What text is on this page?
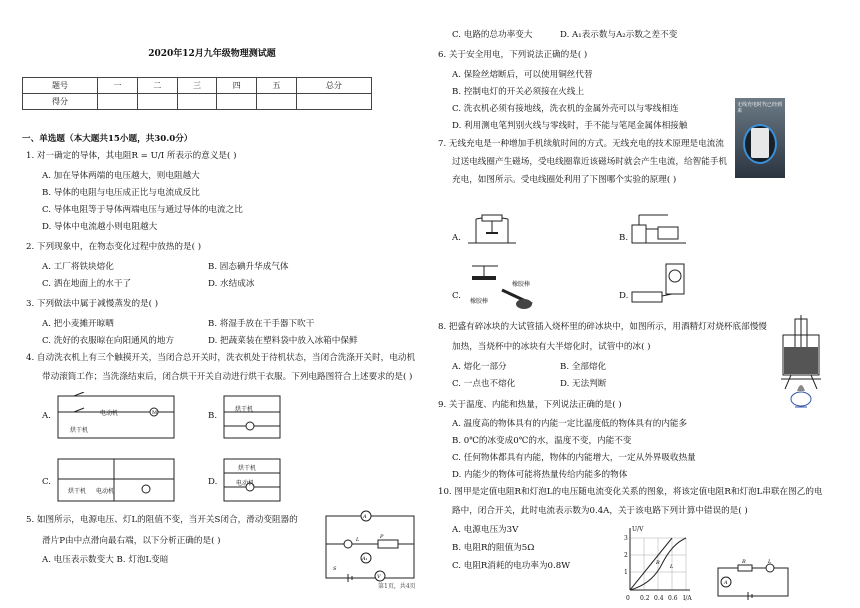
2020年12月九年级物理测试题
题号	一	二	三	四	五	总分
得分						
一、单选题（本大题共15小题，共30.0分）
1. 对一确定的导体，其电阻R = U/I 所表示的意义是( )
A. 加在导体两端的电压越大，则电阻越大
B. 导体的电阻与电压成正比与电流成反比
C. 导体电阻等于导体两端电压与通过导体的电流之比
D. 导体中电流越小则电阻越大
2. 下列现象中，在物态变化过程中放热的是( )
A. 工厂将铁块熔化	B. 固态碘升华成气体
C. 洒在地面上的水干了	D. 水结成冰
3. 下列做法中属于减慢蒸发的是( )
A. 把小麦摊开晾晒	B. 将湿手放在干手器下吹干
C. 洗好的衣服晾在向阳通风的地方	D. 把蔬菜装在塑料袋中放入冰箱中保鲜
4. 自动洗衣机上有三个触摸开关，当闭合总开关时，洗衣机处于待机状态，当闭合洗涤开关时，电动机
带动滚筒工作；当洗涤结束后，闭合烘干开关自动进行烘干衣服。下列电路图符合上述要求的是( )
A.	M
电动机
烘干机
B.
烘干机
C.
烘干机 电动机
D.
烘干机
电动机
5. 如图所示，电源电压、灯L的阻值不变，当开关S闭合，滑动变阻器的
滑片P由中点滑向最右端，以下分析正确的是( )
A. 电压表示数变大 B. 灯泡L变暗
A
L	P
A₁
V
S
C. 电路的总功率变大	D. A₁表示数与A₂示数之差不变
6. 关于安全用电，下列说法正确的是( )
A. 保险丝熔断后，可以使用铜丝代替
B. 控制电灯的开关必须接在火线上
C. 洗衣机必须有接地线，洗衣机的金属外壳可以与零线相连
D. 利用测电笔判别火线与零线时，手不能与笔尾金属体相接触
7. 无线充电是一种增加手机续航时间的方式。无线充电的技术原理是电流流
过送电线圈产生磁场，受电线圈靠近该磁场时就会产生电流，给智能手机
充电，如图所示。受电线圈处利用了下图哪个实验的原理( )
无线充电时代已经到来
A.	B.
C.
橡胶棒
橡胶棒
D.
8. 把盛有碎冰块的大试管插入烧杯里的碎冰块中，如图所示，用酒精灯对烧杯底部慢慢
加热，当烧杯中的冰块有大半熔化时，试管中的冰( )
A. 熔化一部分	B. 全部熔化
C. 一点也不熔化	D. 无法判断
9. 关于温度、内能和热量，下列说法正确的是( )
A. 温度高的物体具有的内能一定比温度低的物体具有的内能多
B. 0℃的冰变成0℃的水，温度不变，内能不变
C. 任何物体都具有内能，物体的内能增大，一定从外界吸收热量
D. 内能少的物体可能将热量传给内能多的物体
10. 图甲是定值电阻R和灯泡L的电压随电流变化关系的图象，将该定值电阻R和灯泡L串联在图乙的电
路中，闭合开关，此时电流表示数为0.4A，关于该电路下列计算中错误的是( )
A. 电源电压为3V
B. 电阻R的阻值为5Ω
C. 电阻R消耗的电功率为0.8W	R
L
U/V
3
2
1
0 0.2 0.4 0.6 I/A
A
R	L
第1页，共4页
